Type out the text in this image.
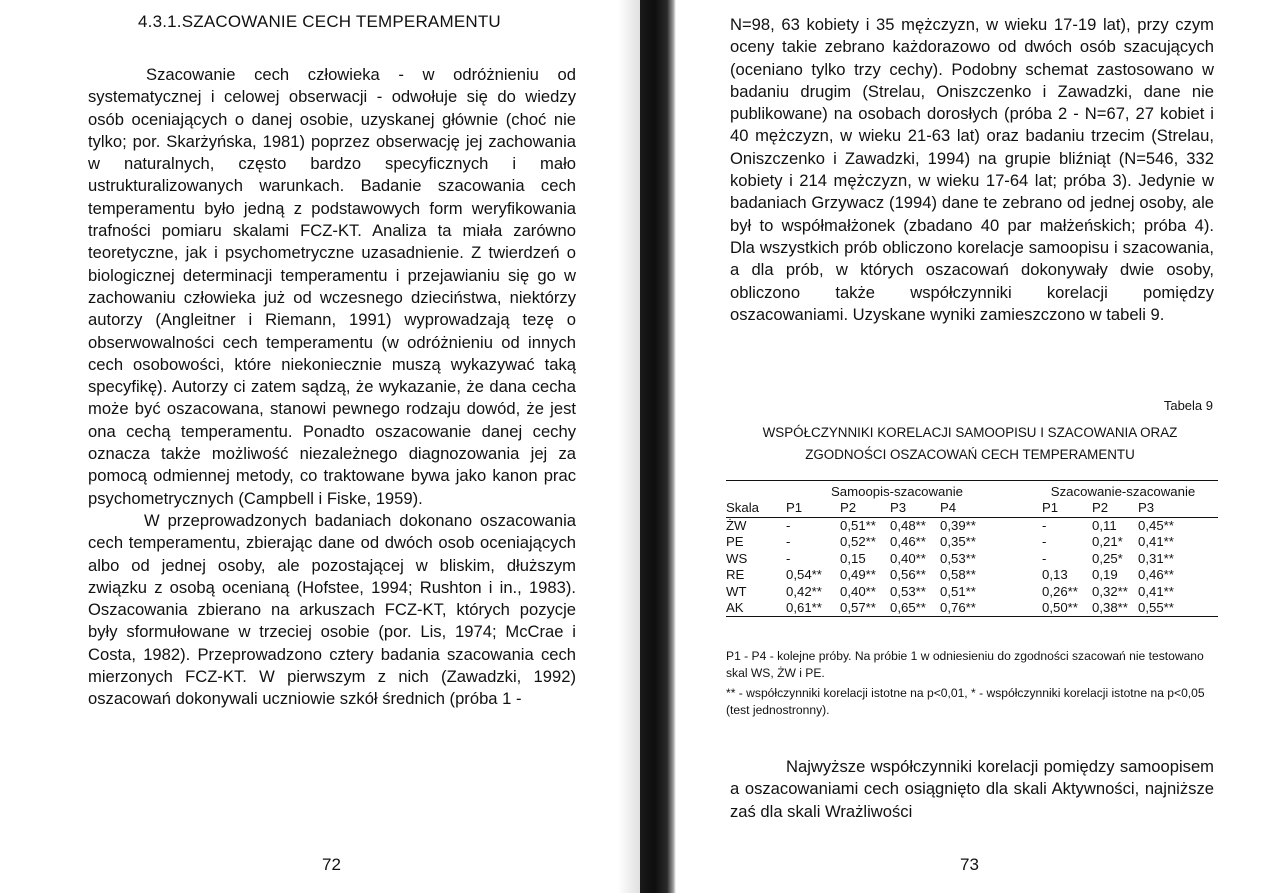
4.3.1.SZACOWANIE CECH TEMPERAMENTU

Szacowanie cech człowieka - w odróżnieniu od systematycznej i celowej obserwacji - odwołuje się do wiedzy osób oceniających o danej osobie, uzyskanej głównie (choć nie tylko; por. Skarżyńska, 1981) poprzez obserwację jej zachowania w naturalnych, często bardzo specyficznych i mało ustrukturalizowanych warunkach. Badanie szacowania cech temperamentu było jedną z podstawowych form weryfikowania trafności pomiaru skalami FCZ-KT. Analiza ta miała zarówno teoretyczne, jak i psychometryczne uzasadnienie. Z twierdzeń o biologicznej determinacji temperamentu i przejawianiu się go w zachowaniu człowieka już od wczesnego dzieciństwa, niektórzy autorzy (Angleitner i Riemann, 1991) wyprowadzają tezę o obserwowalności cech temperamentu (w odróżnieniu od innych cech osobowości, które niekoniecznie muszą wykazywać taką specyfikę). Autorzy ci zatem sądzą, że wykazanie, że dana cecha może być oszacowana, stanowi pewnego rodzaju dowód, że jest ona cechą temperamentu. Ponadto oszacowanie danej cechy oznacza także możliwość niezależnego diagnozowania jej za pomocą odmiennej metody, co traktowane bywa jako kanon prac psychometrycznych (Campbell i Fiske, 1959).

W przeprowadzonych badaniach dokonano oszacowania cech temperamentu, zbierając dane od dwóch osob oceniających albo od jednej osoby, ale pozostającej w bliskim, dłuższym związku z osobą ocenianą (Hofstee, 1994; Rushton i in., 1983). Oszacowania zbierano na arkuszach FCZ-KT, których pozycje były sformułowane w trzeciej osobie (por. Lis, 1974; McCrae i Costa, 1982). Przeprowadzono cztery badania szacowania cech mierzonych FCZ-KT. W pierwszym z nich (Zawadzki, 1992) oszacowań dokonywali uczniowie szkół średnich (próba 1 -

72

N=98, 63 kobiety i 35 mężczyzn, w wieku 17-19 lat), przy czym oceny takie zebrano każdorazowo od dwóch osób szacujących (oceniano tylko trzy cechy). Podobny schemat zastosowano w badaniu drugim (Strelau, Oniszczenko i Zawadzki, dane nie publikowane) na osobach dorosłych (próba 2 - N=67, 27 kobiet i 40 mężczyzn, w wieku 21-63 lat) oraz badaniu trzecim (Strelau, Oniszczenko i Zawadzki, 1994) na grupie bliźniąt (N=546, 332 kobiety i 214 mężczyzn, w wieku 17-64 lat; próba 3). Jedynie w badaniach Grzywacz (1994) dane te zebrano od jednej osoby, ale był to współmałżonek (zbadano 40 par małżeńskich; próba 4). Dla wszystkich prób obliczono korelacje samoopisu i szacowania, a dla prób, w których oszacowań dokonywały dwie osoby, obliczono także współczynniki korelacji pomiędzy oszacowaniami. Uzyskane wyniki zamieszczono w tabeli 9.

Tabela 9
WSPÓŁCZYNNIKI KORELACJI SAMOOPISU I SZACOWANIA ORAZ
ZGODNOŚCI OSZACOWAŃ CECH TEMPERAMENTU
	Samoopis-szacowanie					Szacowanie-szacowanie		
Skala	P1	P2	P3	P4		P1	P2	P3
ŻW	-	0,51**	0,48**	0,39**		-	0,11	0,45**
PE	-	0,52**	0,46**	0,35**		-	0,21*	0,41**
WS	-	0,15	0,40**	0,53**		-	0,25*	0,31**
RE	0,54**	0,49**	0,56**	0,58**		0,13	0,19	0,46**
WT	0,42**	0,40**	0,53**	0,51**		0,26**	0,32**	0,41**
AK	0,61**	0,57**	0,65**	0,76**		0,50**	0,38**	0,55**

P1 - P4 - kolejne próby. Na próbie 1 w odniesieniu do zgodności szacowań nie testowano skal WS, ŻW i PE.

** - współczynniki korelacji istotne na p<0,01, * - współczynniki korelacji istotne na p<0,05 (test jednostronny).

Najwyższe współczynniki korelacji pomiędzy samoopisem a oszacowaniami cech osiągnięto dla skali Aktywności, najniższe zaś dla skali Wrażliwości

73
